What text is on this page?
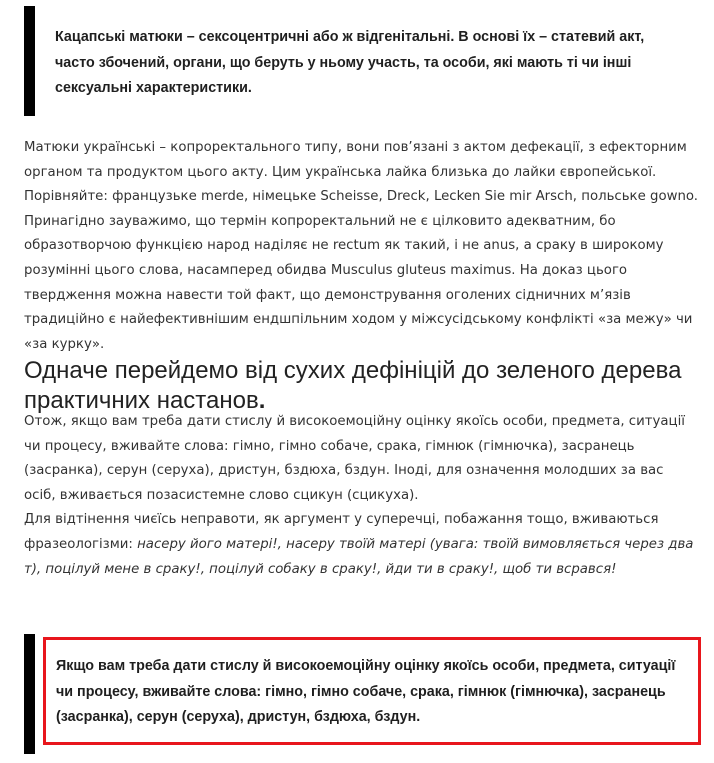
Кацапські матюки – сексоцентричні або ж відгенітальні. В основі їх – статевий акт, часто збочений, органи, що беруть у ньому участь, та особи, які мають ті чи інші сексуальні характеристики.

Матюки українські – копроректального типу, вони пов’язані з актом дефекації, з ефекторним органом та продуктом цього акту. Цим українська лайка близька до лайки європейської. Порівняйте: французьке merde, німецьке Scheisse, Dreck, Lecken Sie mir Arsch, польське gowno. Принагідно зауважимо, що термін копроректальний не є цілковито адекватним, бо образотворчою функцією народ наділяє не rectum як такий, і не anus, а сраку в широкому розумінні цього слова, насамперед обидва Musculus gluteus maximus. На доказ цього твердження можна навести той факт, що демонстрування оголених сідничних м’язів традиційно є найефективнішим ендшпільним ходом у міжсусідському конфлікті «за межу» чи «за курку».

Одначе перейдемо від сухих дефініцій до зеленого дерева практичних настанов.
Отож, якщо вам треба дати стислу й високоемоційну оцінку якоїсь особи, предмета, ситуації чи процесу, вживайте слова: гімно, гімно собаче, срака, гімнюк (гімнючка), засранець (засранка), серун (серуха), дристун, бздюха, бздун. Іноді, для означення молодших за вас осіб, вживається позасистемне слово сцикун (сцикуха).
Для відтінення чиєїсь неправоти, як аргумент у суперечці, побажання тощо, вживаються фразеологізми: насеру його матері!, насеру твоїй матері (увага: твоїй вимовляється через два т), поцілуй мене в сраку!, поцілуй собаку в сраку!, йди ти в сраку!, щоб ти всрався!

Якщо вам треба дати стислу й високоемоційну оцінку якоїсь особи, предмета, ситуації чи процесу, вживайте слова: гімно, гімно собаче, срака, гімнюк (гімнючка), засранець (засранка), серун (серуха), дристун, бздюха, бздун.
